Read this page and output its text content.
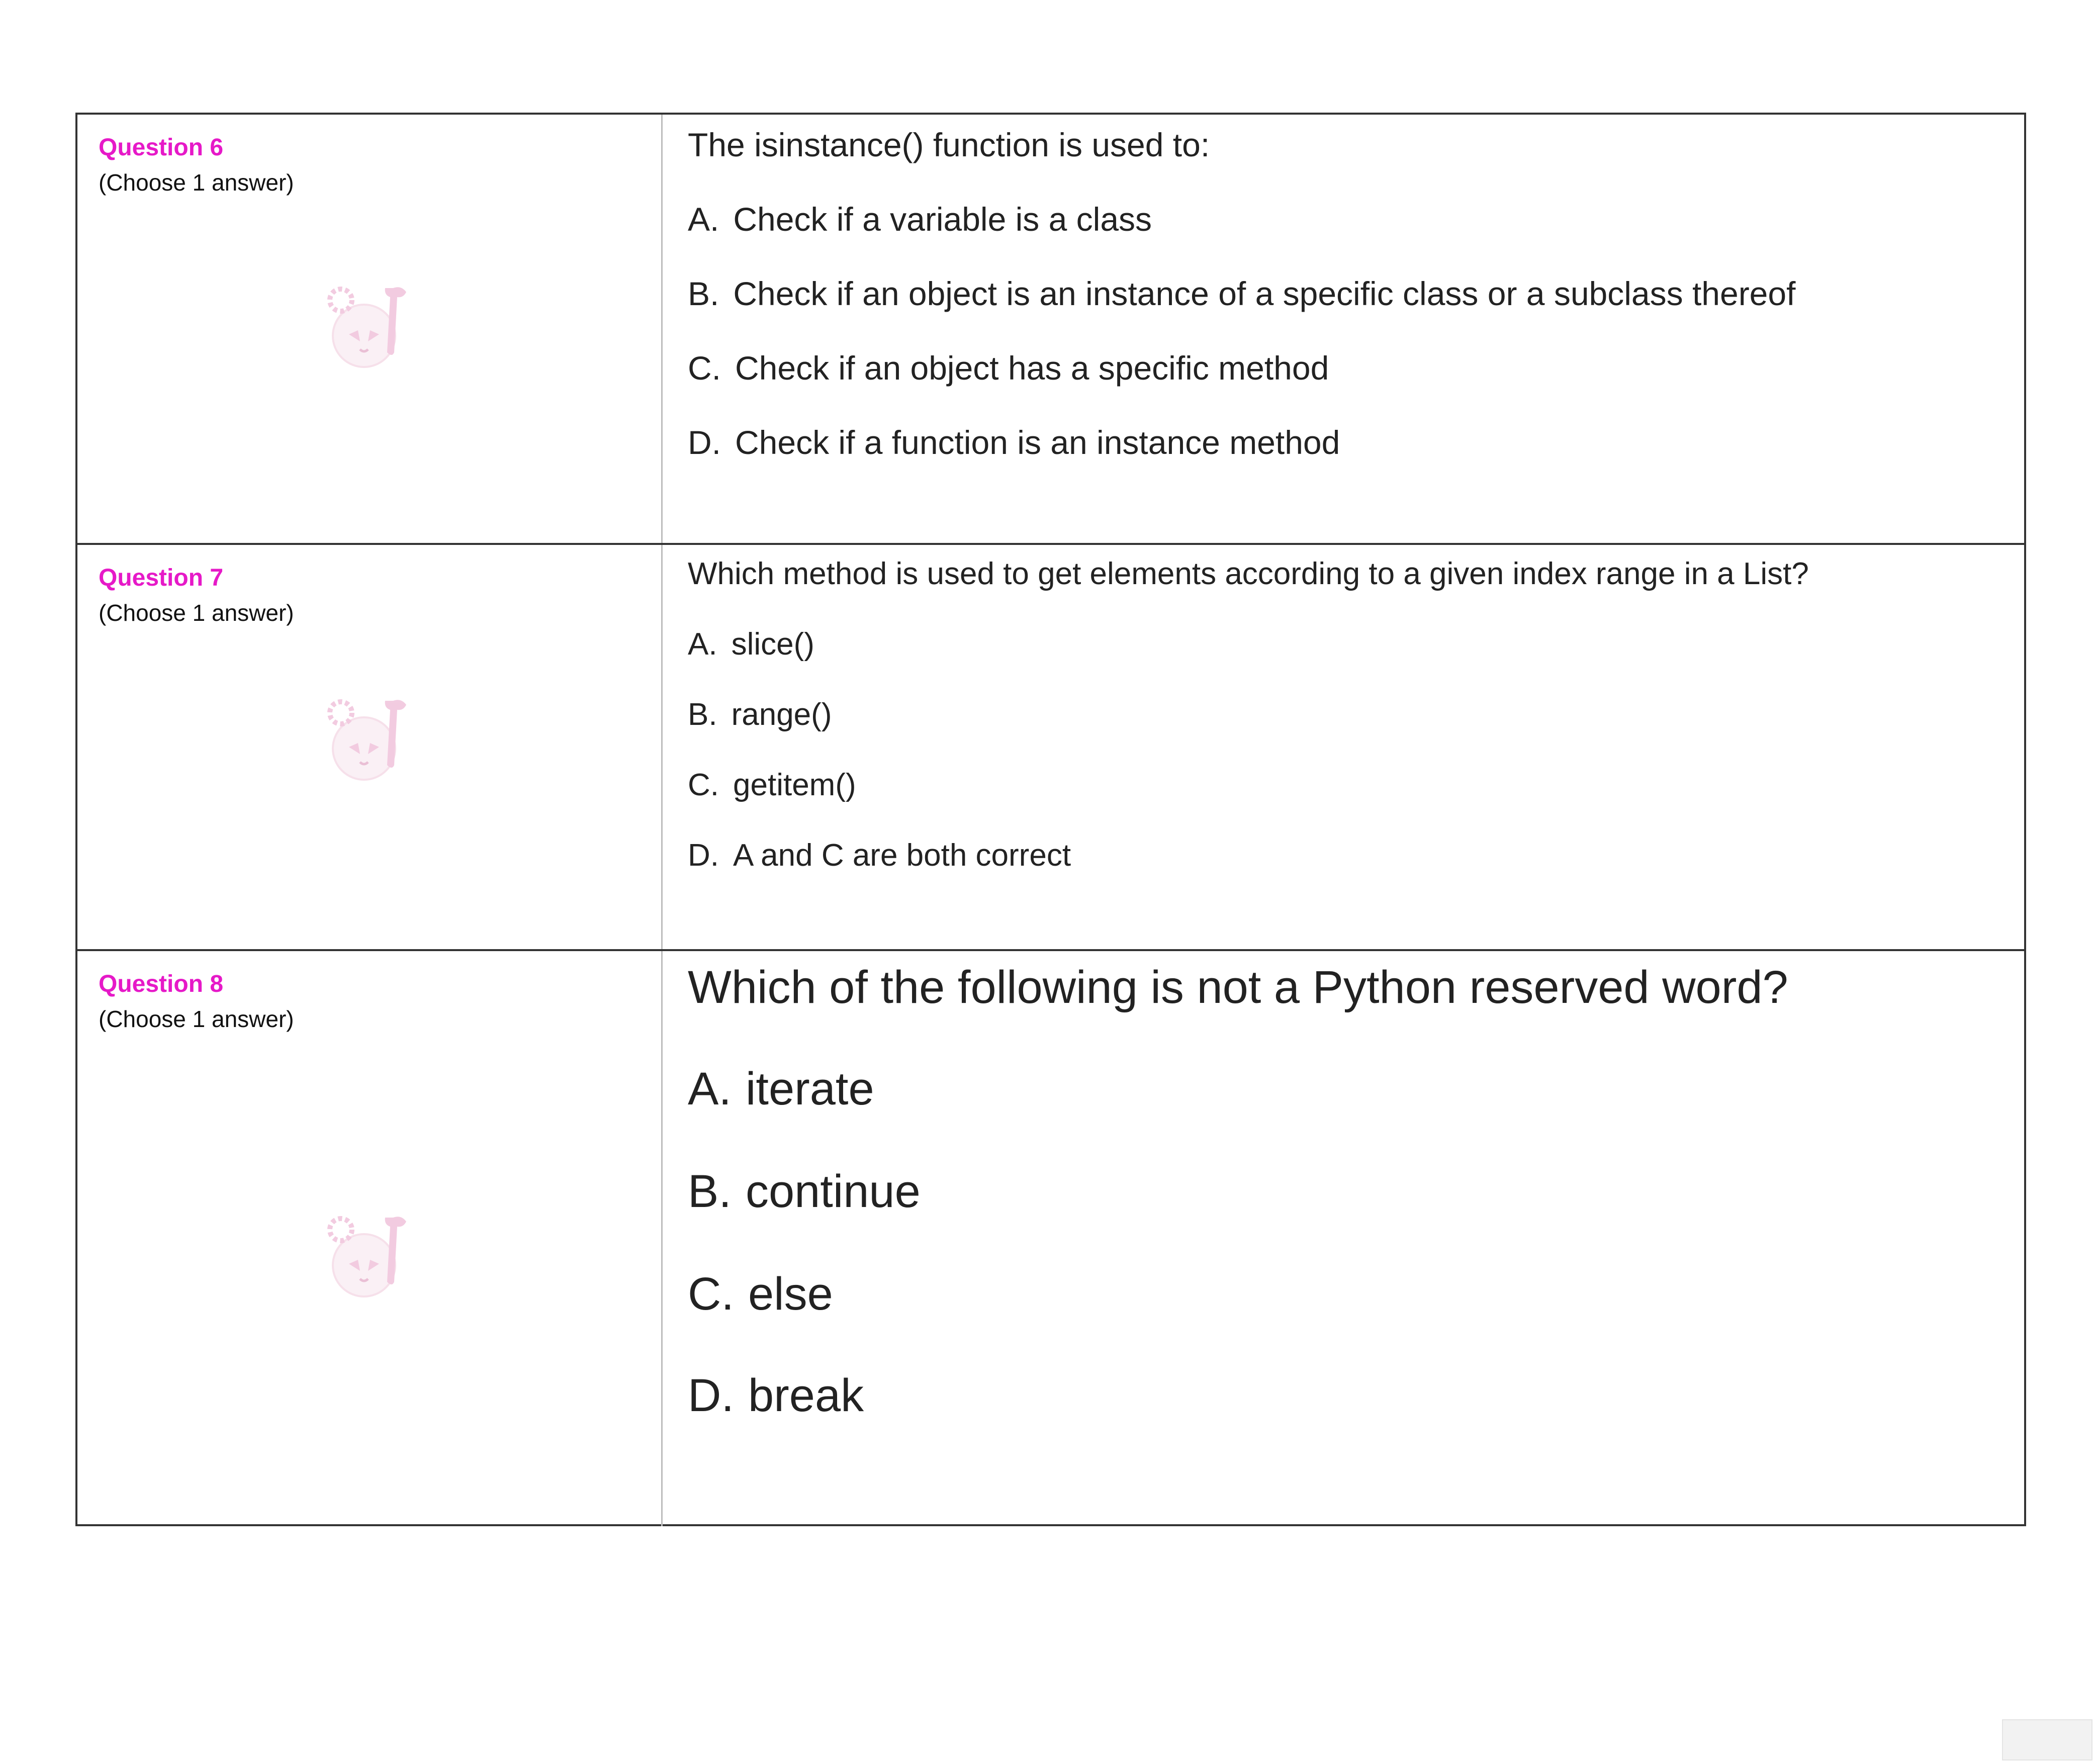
Question 6
(Choose 1 answer)
The isinstance() function is used to:
A. Check if a variable is a class
B. Check if an object is an instance of a specific class or a subclass thereof
C. Check if an object has a specific method
D. Check if a function is an instance method
Question 7
(Choose 1 answer)
Which method is used to get elements according to a given index range in a List?
A. slice()
B. range()
C. getitem()
D. A and C are both correct
Question 8
(Choose 1 answer)
Which of the following is not a Python reserved word?
A. iterate
B. continue
C. else
D. break
